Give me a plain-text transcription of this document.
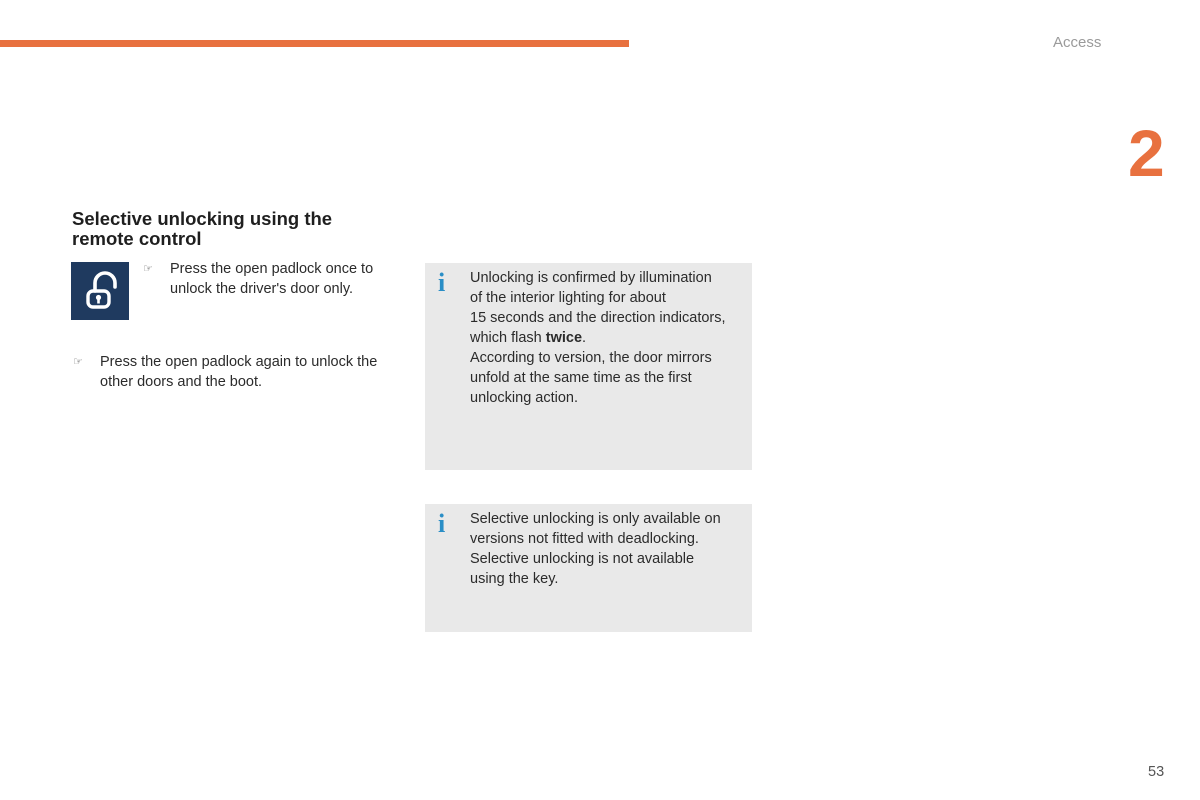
Access
2
Selective unlocking using the
remote control
☞ Press the open padlock once to
unlock the driver's door only.
☞ Press the open padlock again to unlock the
other doors and the boot.
i	Unlocking is confirmed by illumination
of the interior lighting for about
15 seconds and the direction indicators,
which flash twice.
According to version, the door mirrors
unfold at the same time as the first
unlocking action.
i	Selective unlocking is only available on
versions not fitted with deadlocking.
Selective unlocking is not available
using the key.
53
